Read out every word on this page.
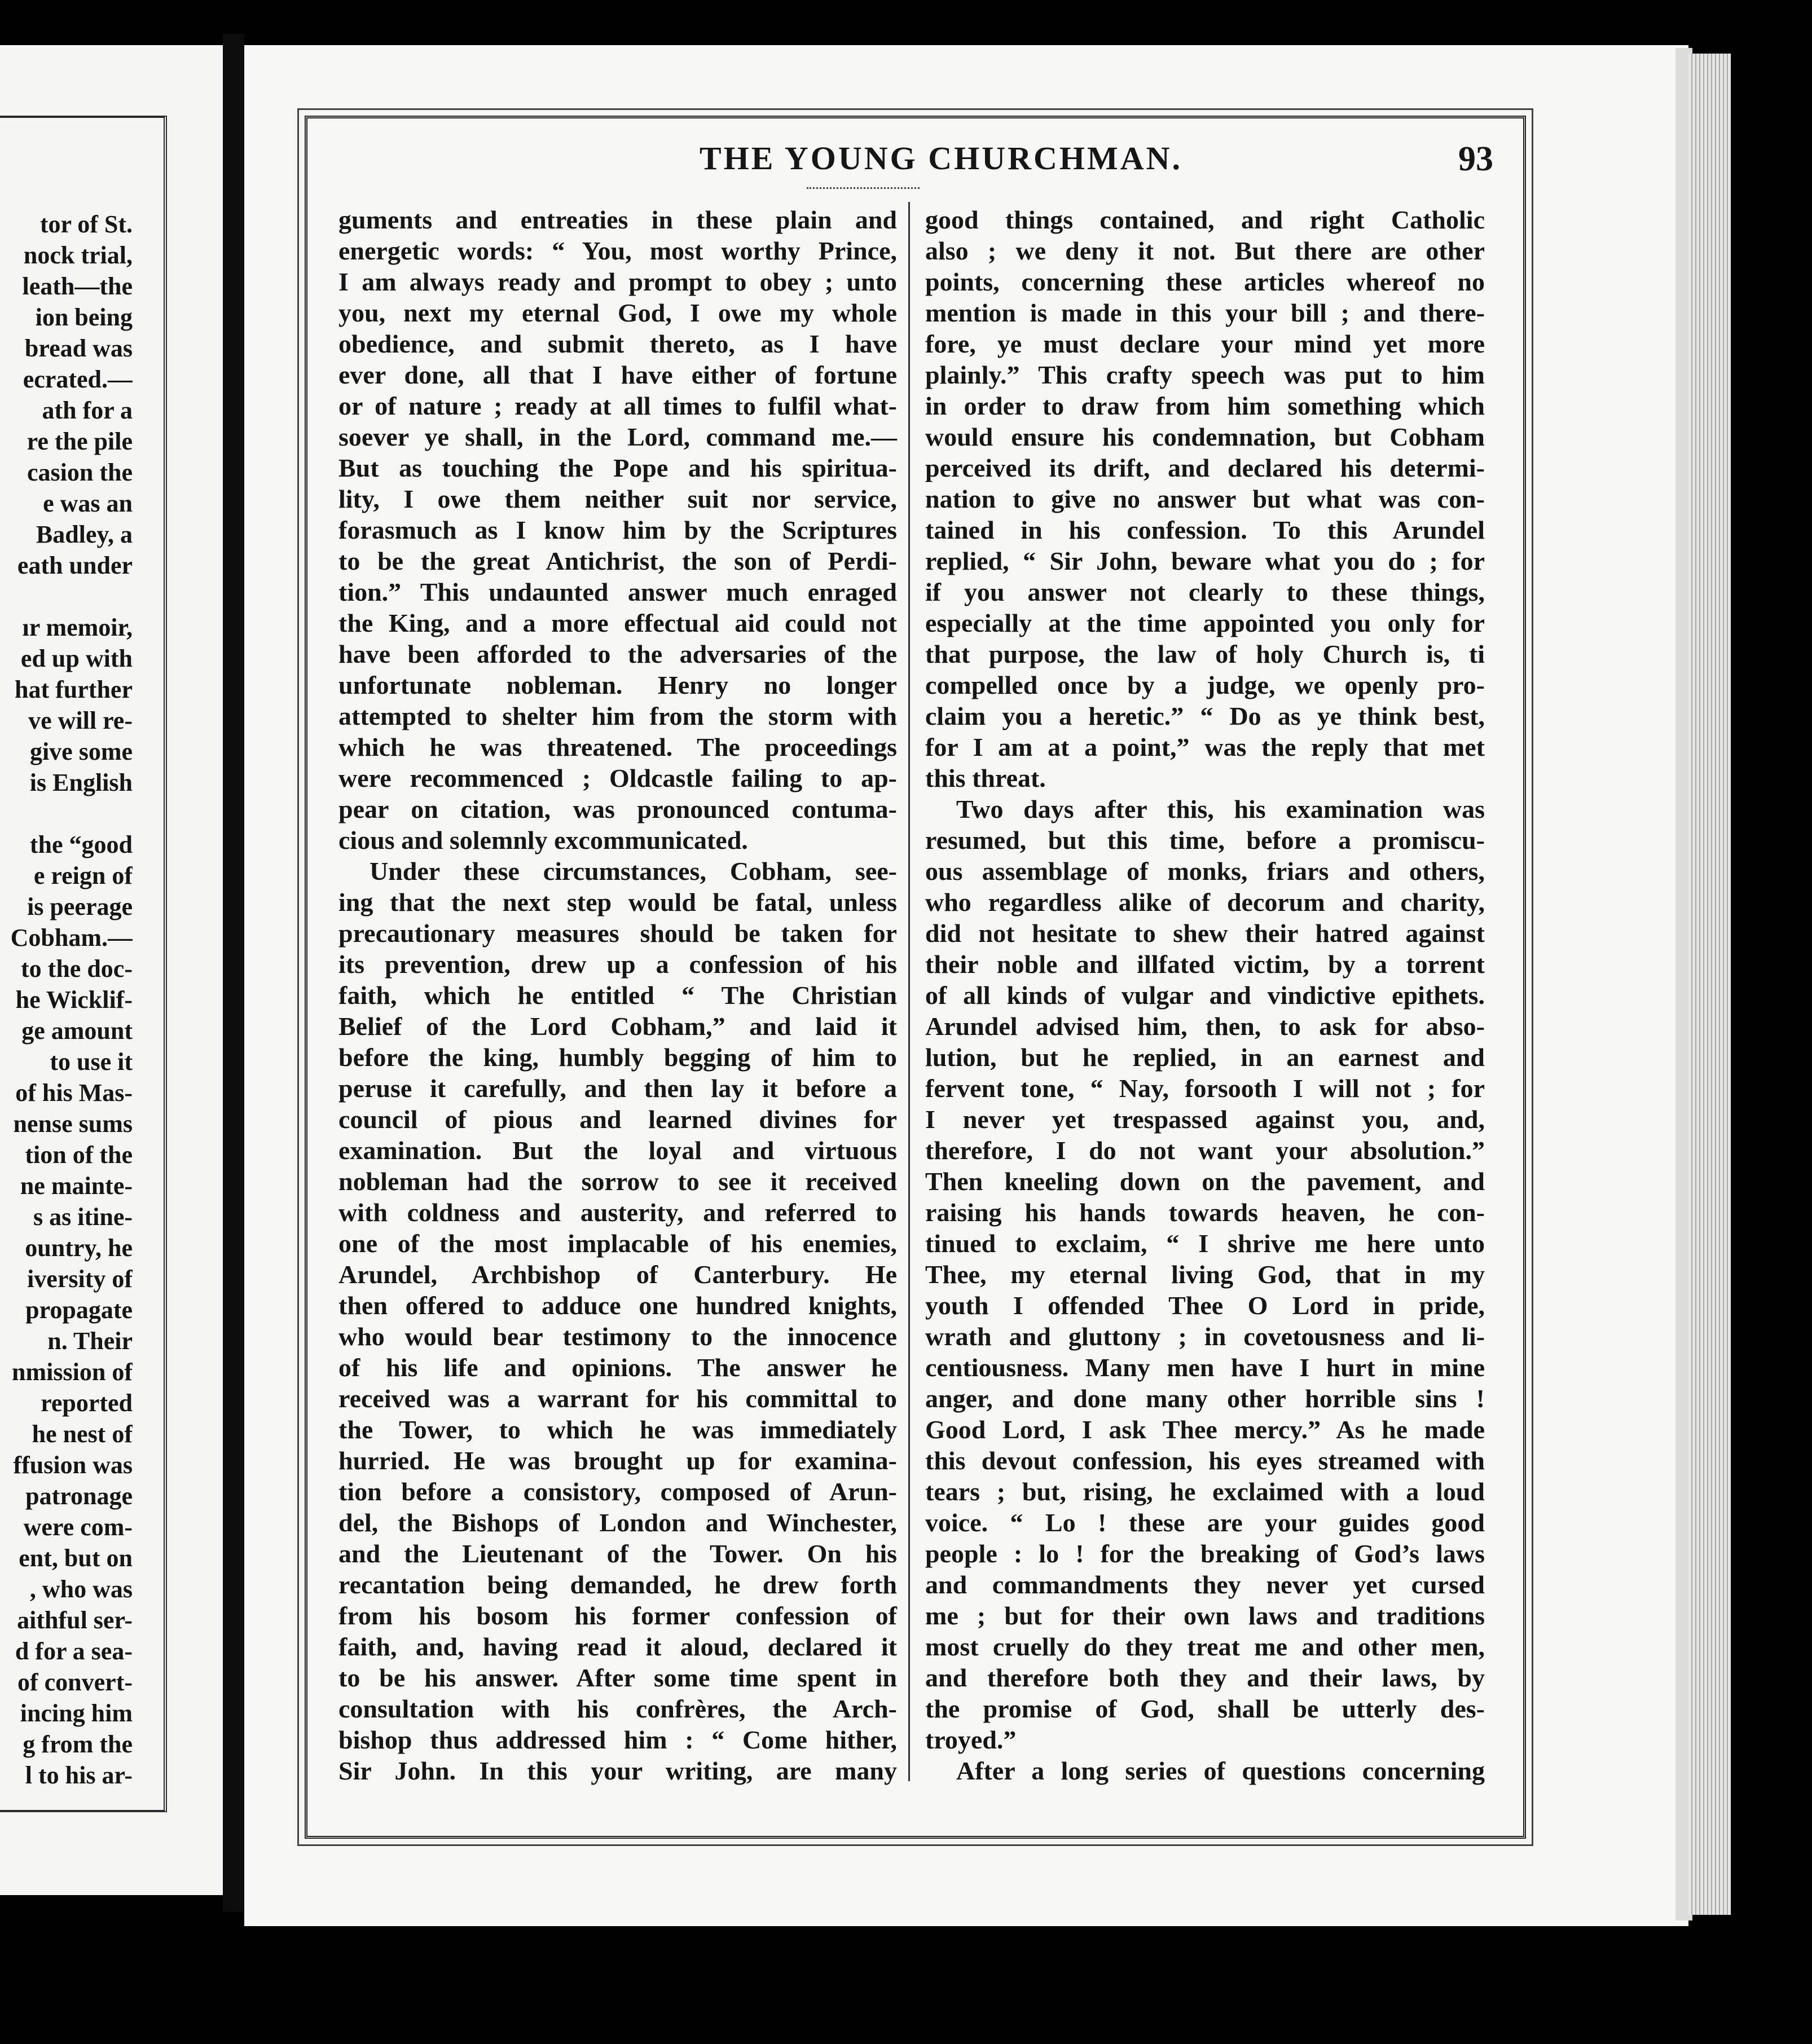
tor of St.
nock trial,
leath—the
ion being
bread was
ecrated.—
ath for a
re the pile
casion the
e was an
Badley, a
eath under
ır memoir,
ed up with
hat further
ve will re-
give some
is English
the “good
e reign of
is peerage
Cobham.—
to the doc-
he Wicklif-
ge amount
to use it
of his Mas-
nense sums
tion of the
ne mainte-
s as itine-
ountry, he
iversity of
propagate
n. Their
nmission of
reported
he nest of
ffusion was
patronage
were com-
ent, but on
, who was
aithful ser-
d for a sea-
of convert-
incing him
g from the
l to his ar-
THE YOUNG CHURCHMAN.	93
guments and entreaties in these plain and
energetic words: “ You, most worthy Prince,
I am always ready and prompt to obey ; unto
you, next my eternal God, I owe my whole
obedience, and submit thereto, as I have
ever done, all that I have either of fortune
or of nature ; ready at all times to fulfil what-
soever ye shall, in the Lord, command me.—
But as touching the Pope and his spiritua-
lity, I owe them neither suit nor service,
forasmuch as I know him by the Scriptures
to be the great Antichrist, the son of Perdi-
tion.” This undaunted answer much enraged
the King, and a more effectual aid could not
have been afforded to the adversaries of the
unfortunate nobleman. Henry no longer
attempted to shelter him from the storm with
which he was threatened. The proceedings
were recommenced ; Oldcastle failing to ap-
pear on citation, was pronounced contuma-
cious and solemnly excommunicated.
Under these circumstances, Cobham, see-
ing that the next step would be fatal, unless
precautionary measures should be taken for
its prevention, drew up a confession of his
faith, which he entitled “ The Christian
Belief of the Lord Cobham,” and laid it
before the king, humbly begging of him to
peruse it carefully, and then lay it before a
council of pious and learned divines for
examination. But the loyal and virtuous
nobleman had the sorrow to see it received
with coldness and austerity, and referred to
one of the most implacable of his enemies,
Arundel, Archbishop of Canterbury. He
then offered to adduce one hundred knights,
who would bear testimony to the innocence
of his life and opinions. The answer he
received was a warrant for his committal to
the Tower, to which he was immediately
hurried. He was brought up for examina-
tion before a consistory, composed of Arun-
del, the Bishops of London and Winchester,
and the Lieutenant of the Tower. On his
recantation being demanded, he drew forth
from his bosom his former confession of
faith, and, having read it aloud, declared it
to be his answer. After some time spent in
consultation with his confrères, the Arch-
bishop thus addressed him : “ Come hither,
Sir John. In this your writing, are many
good things contained, and right Catholic
also ; we deny it not. But there are other
points, concerning these articles whereof no
mention is made in this your bill ; and there-
fore, ye must declare your mind yet more
plainly.” This crafty speech was put to him
in order to draw from him something which
would ensure his condemnation, but Cobham
perceived its drift, and declared his determi-
nation to give no answer but what was con-
tained in his confession. To this Arundel
replied, “ Sir John, beware what you do ; for
if you answer not clearly to these things,
especially at the time appointed you only for
that purpose, the law of holy Church is, ti
compelled once by a judge, we openly pro-
claim you a heretic.” “ Do as ye think best,
for I am at a point,” was the reply that met
this threat.
Two days after this, his examination was
resumed, but this time, before a promiscu-
ous assemblage of monks, friars and others,
who regardless alike of decorum and charity,
did not hesitate to shew their hatred against
their noble and illfated victim, by a torrent
of all kinds of vulgar and vindictive epithets.
Arundel advised him, then, to ask for abso-
lution, but he replied, in an earnest and
fervent tone, “ Nay, forsooth I will not ; for
I never yet trespassed against you, and,
therefore, I do not want your absolution.”
Then kneeling down on the pavement, and
raising his hands towards heaven, he con-
tinued to exclaim, “ I shrive me here unto
Thee, my eternal living God, that in my
youth I offended Thee O Lord in pride,
wrath and gluttony ; in covetousness and li-
centiousness. Many men have I hurt in mine
anger, and done many other horrible sins !
Good Lord, I ask Thee mercy.” As he made
this devout confession, his eyes streamed with
tears ; but, rising, he exclaimed with a loud
voice. “ Lo ! these are your guides good
people : lo ! for the breaking of God’s laws
and commandments they never yet cursed
me ; but for their own laws and traditions
most cruelly do they treat me and other men,
and therefore both they and their laws, by
the promise of God, shall be utterly des-
troyed.”
After a long series of questions concerning
